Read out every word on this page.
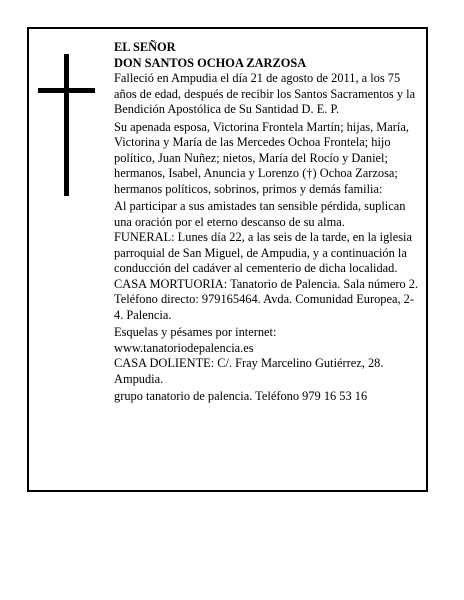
EL SEÑOR

DON SANTOS OCHOA ZARZOSA

Falleció en Ampudia el día 21 de agosto de 2011, a los 75 años de edad, después de recibir los Santos Sacramentos y la Bendición Apostólica de Su Santidad D. E. P.

Su apenada esposa, Victorina Frontela Martín; hijas, María, Victorina y María de las Mercedes Ochoa Frontela; hijo político, Juan Nuñez; nietos, María del Rocío y Daniel; hermanos, Isabel, Anuncia y Lorenzo (†) Ochoa Zarzosa; hermanos políticos, sobrinos, primos y demás familia:

Al participar a sus amistades tan sensible pérdida, suplican una oración por el eterno descanso de su alma.

FUNERAL: Lunes día 22, a las seis de la tarde, en la iglesia parroquial de San Miguel, de Ampudia, y a continuación la conducción del cadáver al cementerio de dicha localidad.

CASA MORTUORIA: Tanatorio de Palencia. Sala número 2. Teléfono directo: 979165464. Avda. Comunidad Europea, 2-4. Palencia.

Esquelas y pésames por internet: www.tanatoriodepalencia.es

CASA DOLIENTE: C/. Fray Marcelino Gutiérrez, 28. Ampudia.

grupo tanatorio de palencia. Teléfono 979 16 53 16
